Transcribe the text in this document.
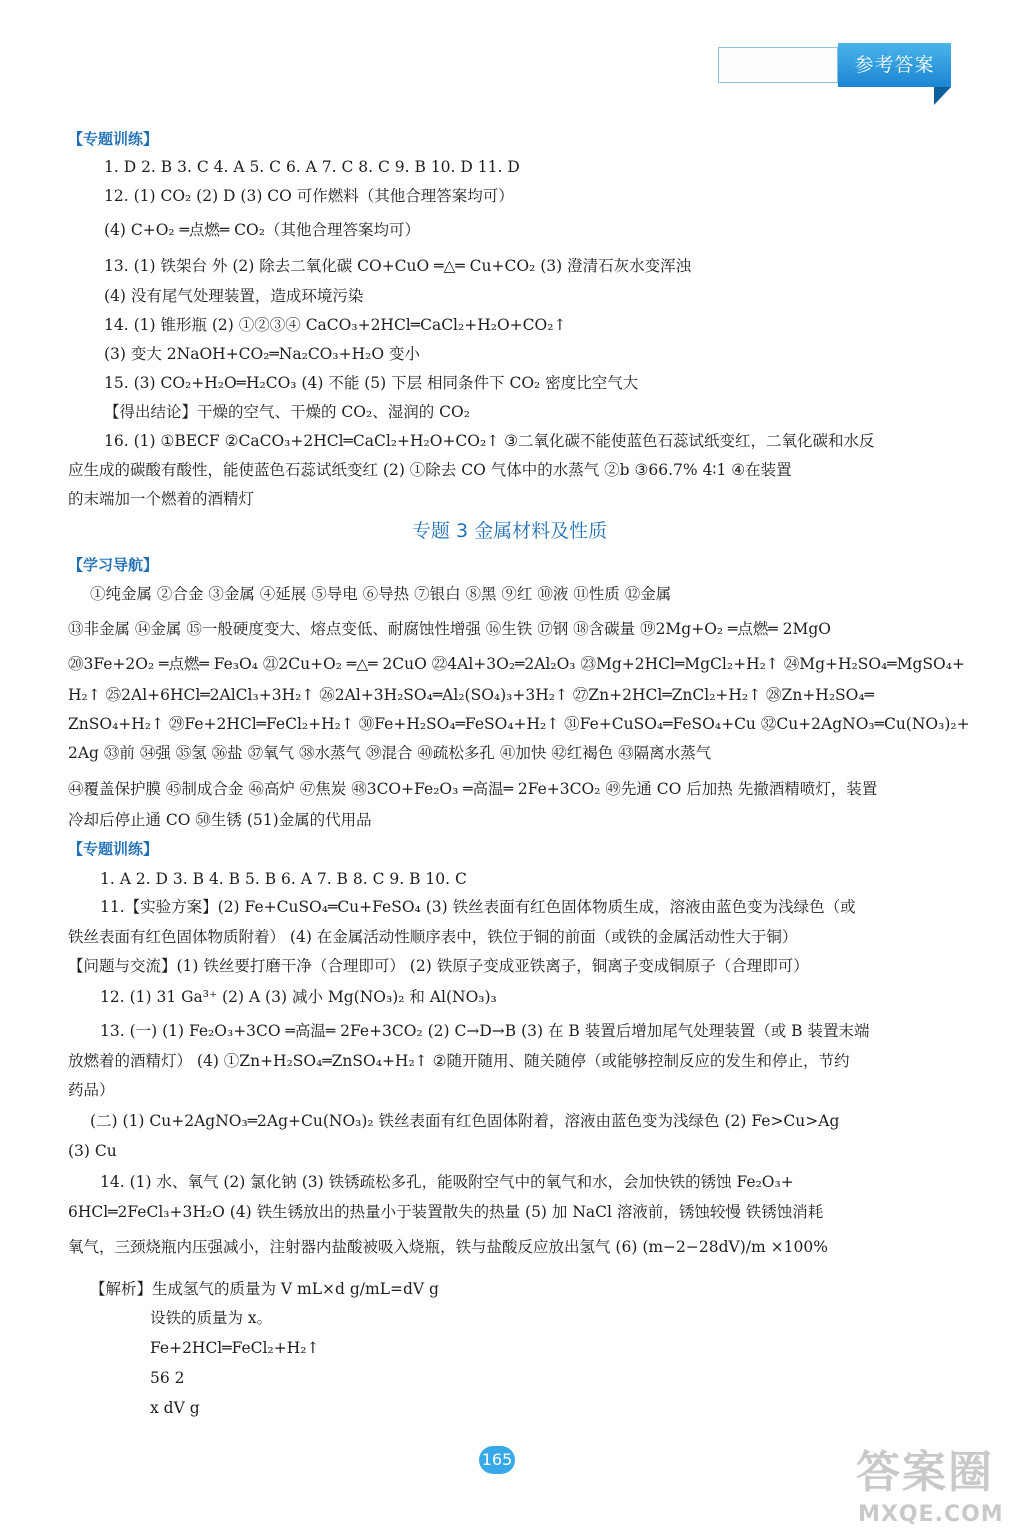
参考答案
【专题训练】
1. D 2. B 3. C 4. A 5. C 6. A 7. C 8. C 9. B 10. D 11. D
12. (1) CO₂ (2) D (3) CO 可作燃料（其他合理答案均可）
(4) C+O₂ ═点燃═ CO₂（其他合理答案均可）
13. (1) 铁架台 外 (2) 除去二氧化碳 CO+CuO ═△═ Cu+CO₂ (3) 澄清石灰水变浑浊
(4) 没有尾气处理装置，造成环境污染
14. (1) 锥形瓶 (2) ①②③④ CaCO₃+2HCl═CaCl₂+H₂O+CO₂↑
(3) 变大 2NaOH+CO₂═Na₂CO₃+H₂O 变小
15. (3) CO₂+H₂O═H₂CO₃ (4) 不能 (5) 下层 相同条件下 CO₂ 密度比空气大
【得出结论】干燥的空气、干燥的 CO₂、湿润的 CO₂
16. (1) ①BECF ②CaCO₃+2HCl═CaCl₂+H₂O+CO₂↑ ③二氧化碳不能使蓝色石蕊试纸变红，二氧化碳和水反
应生成的碳酸有酸性，能使蓝色石蕊试纸变红 (2) ①除去 CO 气体中的水蒸气 ②b ③66.7% 4∶1 ④在装置
的末端加一个燃着的酒精灯
专题 3 金属材料及性质
【学习导航】
①纯金属 ②合金 ③金属 ④延展 ⑤导电 ⑥导热 ⑦银白 ⑧黑 ⑨红 ⑩液 ⑪性质 ⑫金属
⑬非金属 ⑭金属 ⑮一般硬度变大、熔点变低、耐腐蚀性增强 ⑯生铁 ⑰钢 ⑱含碳量 ⑲2Mg+O₂ ═点燃═ 2MgO
⑳3Fe+2O₂ ═点燃═ Fe₃O₄ ㉑2Cu+O₂ ═△═ 2CuO ㉒4Al+3O₂═2Al₂O₃ ㉓Mg+2HCl═MgCl₂+H₂↑ ㉔Mg+H₂SO₄═MgSO₄+
H₂↑ ㉕2Al+6HCl═2AlCl₃+3H₂↑ ㉖2Al+3H₂SO₄═Al₂(SO₄)₃+3H₂↑ ㉗Zn+2HCl═ZnCl₂+H₂↑ ㉘Zn+H₂SO₄═
ZnSO₄+H₂↑ ㉙Fe+2HCl═FeCl₂+H₂↑ ㉚Fe+H₂SO₄═FeSO₄+H₂↑ ㉛Fe+CuSO₄═FeSO₄+Cu ㉜Cu+2AgNO₃═Cu(NO₃)₂+
2Ag ㉝前 ㉞强 ㉟氢 ㊱盐 ㊲氧气 ㊳水蒸气 ㊴混合 ㊵疏松多孔 ㊶加快 ㊷红褐色 ㊸隔离水蒸气
㊹覆盖保护膜 ㊺制成合金 ㊻高炉 ㊼焦炭 ㊽3CO+Fe₂O₃ ═高温═ 2Fe+3CO₂ ㊾先通 CO 后加热 先撤酒精喷灯，装置
冷却后停止通 CO ㊿生锈 (51)金属的代用品
【专题训练】
1. A 2. D 3. B 4. B 5. B 6. A 7. B 8. C 9. B 10. C
11.【实验方案】(2) Fe+CuSO₄═Cu+FeSO₄ (3) 铁丝表面有红色固体物质生成，溶液由蓝色变为浅绿色（或
铁丝表面有红色固体物质附着） (4) 在金属活动性顺序表中，铁位于铜的前面（或铁的金属活动性大于铜）
【问题与交流】(1) 铁丝要打磨干净（合理即可） (2) 铁原子变成亚铁离子，铜离子变成铜原子（合理即可）
12. (1) 31 Ga³⁺ (2) A (3) 减小 Mg(NO₃)₂ 和 Al(NO₃)₃
13. (一) (1) Fe₂O₃+3CO ═高温═ 2Fe+3CO₂ (2) C→D→B (3) 在 B 装置后增加尾气处理装置（或 B 装置末端
放燃着的酒精灯） (4) ①Zn+H₂SO₄═ZnSO₄+H₂↑ ②随开随用、随关随停（或能够控制反应的发生和停止，节约
药品）
(二) (1) Cu+2AgNO₃═2Ag+Cu(NO₃)₂ 铁丝表面有红色固体附着，溶液由蓝色变为浅绿色 (2) Fe>Cu>Ag
(3) Cu
14. (1) 水、氧气 (2) 氯化钠 (3) 铁锈疏松多孔，能吸附空气中的氧气和水，会加快铁的锈蚀 Fe₂O₃+
6HCl═2FeCl₃+3H₂O (4) 铁生锈放出的热量小于装置散失的热量 (5) 加 NaCl 溶液前，锈蚀较慢 铁锈蚀消耗
氧气，三颈烧瓶内压强减小，注射器内盐酸被吸入烧瓶，铁与盐酸反应放出氢气 (6) (m−2−28dV)/m ×100%
【解析】生成氢气的质量为 V mL×d g/mL=dV g
设铁的质量为 x。
Fe+2HCl═FeCl₂+H₂↑
56 2
x dV g
165	答案圈
MXQE.COM
